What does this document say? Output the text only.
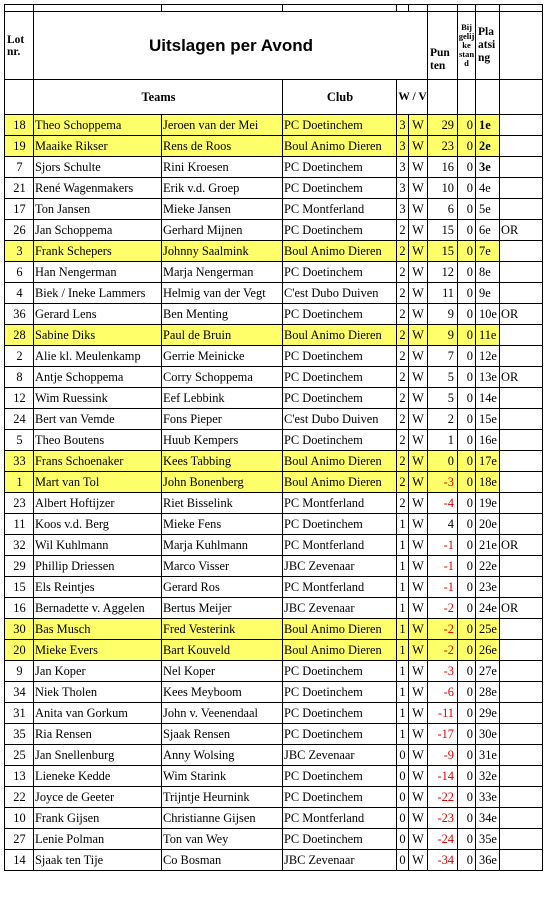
Lot nr.	Uitslagen per Avond					Pun ten	Bij gelij ke stan d	Pla atsi ng	
	Teams		Club	W / V					
18	Theo Schoppema	Jeroen van der Mei	PC Doetinchem	3	W	29	0	1e	
19	Maaike Rikser	Rens de Roos	Boul Animo Dieren	3	W	23	0	2e	
7	Sjors Schulte	Rini Kroesen	PC Doetinchem	3	W	16	0	3e	
21	René Wagenmakers	Erik v.d. Groep	PC Doetinchem	3	W	10	0	4e	
17	Ton Jansen	Mieke Jansen	PC Montferland	3	W	6	0	5e	
26	Jan Schoppema	Gerhard Mijnen	PC Doetinchem	2	W	15	0	6e	OR
3	Frank Schepers	Johnny Saalmink	Boul Animo Dieren	2	W	15	0	7e	
6	Han Nengerman	Marja Nengerman	PC Doetinchem	2	W	12	0	8e	
4	Biek / Ineke Lammers	Helmig van der Vegt	C'est Dubo Duiven	2	W	11	0	9e	
36	Gerard Lens	Ben Menting	PC Doetinchem	2	W	9	0	10e	OR
28	Sabine Diks	Paul de Bruin	Boul Animo Dieren	2	W	9	0	11e	
2	Alie kl. Meulenkamp	Gerrie Meinicke	PC Doetinchem	2	W	7	0	12e	
8	Antje Schoppema	Corry Schoppema	PC Doetinchem	2	W	5	0	13e	OR
12	Wim Ruessink	Eef Lebbink	PC Doetinchem	2	W	5	0	14e	
24	Bert van Vemde	Fons Pieper	C'est Dubo Duiven	2	W	2	0	15e	
5	Theo Boutens	Huub Kempers	PC Doetinchem	2	W	1	0	16e	
33	Frans Schoenaker	Kees Tabbing	Boul Animo Dieren	2	W	0	0	17e	
1	Mart van Tol	John Bonenberg	Boul Animo Dieren	2	W	-3	0	18e	
23	Albert Hoftijzer	Riet Bisselink	PC Montferland	2	W	-4	0	19e	
11	Koos v.d. Berg	Mieke Fens	PC Doetinchem	1	W	4	0	20e	
32	Wil Kuhlmann	Marja Kuhlmann	PC Montferland	1	W	-1	0	21e	OR
29	Phillip Driessen	Marco Visser	JBC Zevenaar	1	W	-1	0	22e	
15	Els Reintjes	Gerard Ros	PC Montferland	1	W	-1	0	23e	
16	Bernadette v. Aggelen	Bertus Meijer	JBC Zevenaar	1	W	-2	0	24e	OR
30	Bas Musch	Fred Vesterink	Boul Animo Dieren	1	W	-2	0	25e	
20	Mieke Evers	Bart Kouveld	Boul Animo Dieren	1	W	-2	0	26e	
9	Jan Koper	Nel Koper	PC Doetinchem	1	W	-3	0	27e	
34	Niek Tholen	Kees Meyboom	PC Doetinchem	1	W	-6	0	28e	
31	Anita van Gorkum	John v. Veenendaal	PC Doetinchem	1	W	-11	0	29e	
35	Ria Rensen	Sjaak Rensen	PC Doetinchem	1	W	-17	0	30e	
25	Jan Snellenburg	Anny Wolsing	JBC Zevenaar	0	W	-9	0	31e	
13	Lieneke Kedde	Wim Starink	PC Doetinchem	0	W	-14	0	32e	
22	Joyce de Geeter	Trijntje Heurnink	PC Doetinchem	0	W	-22	0	33e	
10	Frank Gijsen	Christianne Gijsen	PC Montferland	0	W	-23	0	34e	
27	Lenie Polman	Ton van Wey	PC Doetinchem	0	W	-24	0	35e	
14	Sjaak ten Tije	Co Bosman	JBC Zevenaar	0	W	-34	0	36e	
